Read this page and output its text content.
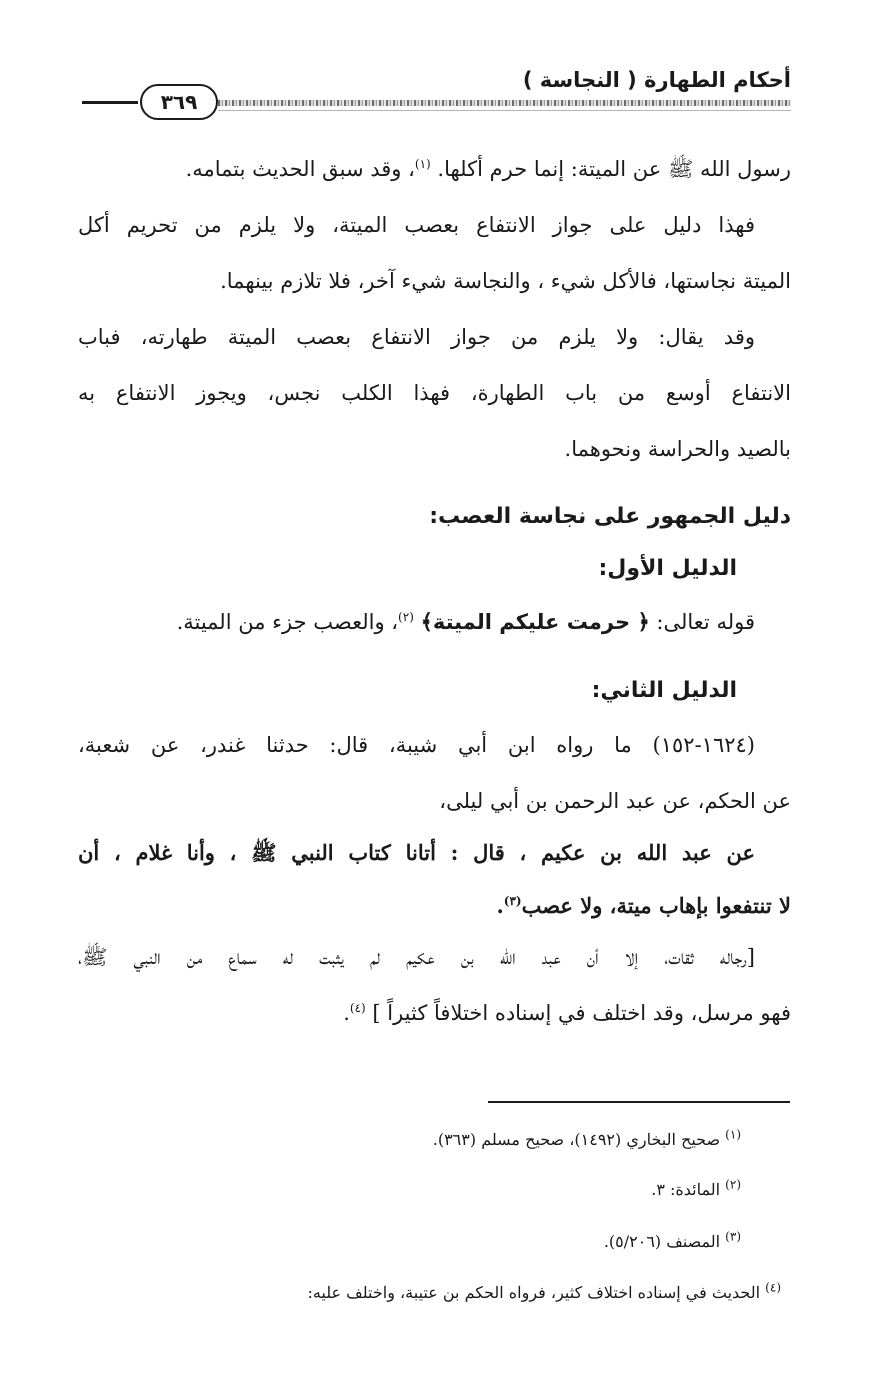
أحكام الطهارة ( النجاسة )
٣٦٩
رسول الله ﷺ عن الميتة: إنما حرم أكلها. $^{(١)}$، وقد سبق الحديث بتمامه.
فهذا دليل على جواز الانتفاع بعصب الميتة، ولا يلزم من تحريم أكل
الميتة نجاستها، فالأكل شيء ، والنجاسة شيء آخر، فلا تلازم بينهما.
وقد يقال: ولا يلزم من جواز الانتفاع بعصب الميتة طهارته، فباب
الانتفاع أوسع من باب الطهارة، فهذا الكلب نجس، ويجوز الانتفاع به
بالصيد والحراسة ونحوهما.
دليل الجمهور على نجاسة العصب:
الدليل الأول:
قوله تعالى: ﴿ حرمت عليكم الميتة﴾ $^{(٢)}$، والعصب جزء من الميتة.
الدليل الثاني:
(١٦٢٤-١٥٢) ما رواه ابن أبي شيبة، قال: حدثنا غندر، عن شعبة،
عن الحكم، عن عبد الرحمن بن أبي ليلى،
عن عبد الله بن عكيم ، قال : أتانا كتاب النبي ﷺ ، وأنا غلام ، أن
لا تنتفعوا بإهاب ميتة، ولا عصب$^{(٣)}$.
[رجاله ثقات، إلا أن عبد الله بن عكيم لم يثبت له سماع من النبي ﷺ،
فهو مرسل، وقد اختلف في إسناده اختلافاً كثيراً ] $^{(٤)}$.
$^{(١)}$ صحيح البخاري (١٤٩٢)، صحيح مسلم (٣٦٣).
$^{(٢)}$ المائدة: ٣.
$^{(٣)}$ المصنف (٥/٢٠٦).
$^{(٤)}$ الحديث في إسناده اختلاف كثير، فرواه الحكم بن عتيبة، واختلف عليه:
